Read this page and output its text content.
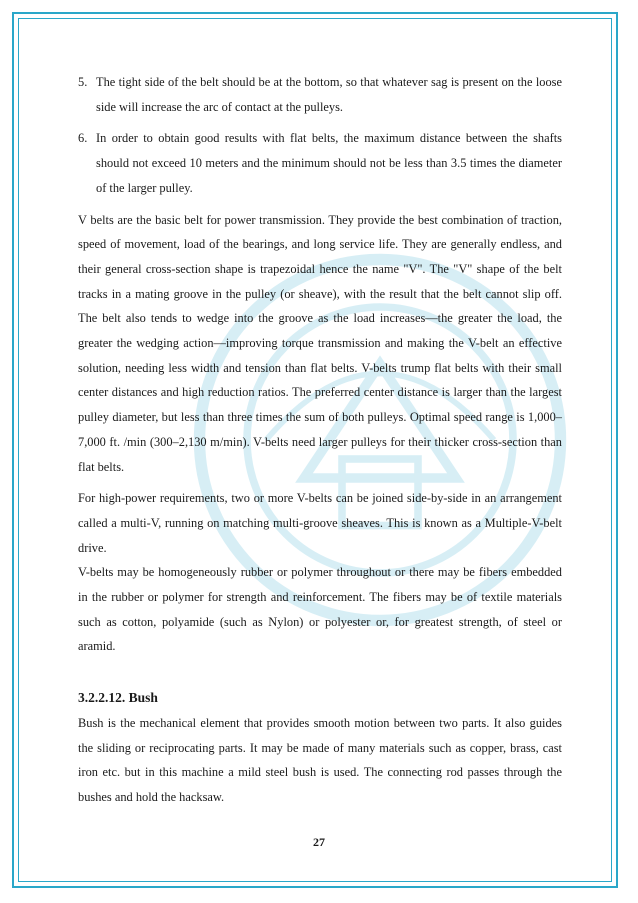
5. The tight side of the belt should be at the bottom, so that whatever sag is present on the loose side will increase the arc of contact at the pulleys.
6. In order to obtain good results with flat belts, the maximum distance between the shafts should not exceed 10 meters and the minimum should not be less than 3.5 times the diameter of the larger pulley.

V belts are the basic belt for power transmission. They provide the best combination of traction, speed of movement, load of the bearings, and long service life. They are generally endless, and their general cross-section shape is trapezoidal hence the name "V". The "V" shape of the belt tracks in a mating groove in the pulley (or sheave), with the result that the belt cannot slip off. The belt also tends to wedge into the groove as the load increases—the greater the load, the greater the wedging action—improving torque transmission and making the V-belt an effective solution, needing less width and tension than flat belts. V-belts trump flat belts with their small center distances and high reduction ratios. The preferred center distance is larger than the largest pulley diameter, but less than three times the sum of both pulleys. Optimal speed range is 1,000– 7,000 ft. /min (300–2,130 m/min). V-belts need larger pulleys for their thicker cross-section than flat belts.

For high-power requirements, two or more V-belts can be joined side-by-side in an arrangement called a multi-V, running on matching multi-groove sheaves. This is known as a Multiple-V-belt drive.

V-belts may be homogeneously rubber or polymer throughout or there may be fibers embedded in the rubber or polymer for strength and reinforcement. The fibers may be of textile materials such as cotton, polyamide (such as Nylon) or polyester or, for greatest strength, of steel or aramid.

3.2.2.12. Bush

Bush is the mechanical element that provides smooth motion between two parts. It also guides the sliding or reciprocating parts. It may be made of many materials such as copper, brass, cast iron etc. but in this machine a mild steel bush is used. The connecting rod passes through the bushes and hold the hacksaw.

27
